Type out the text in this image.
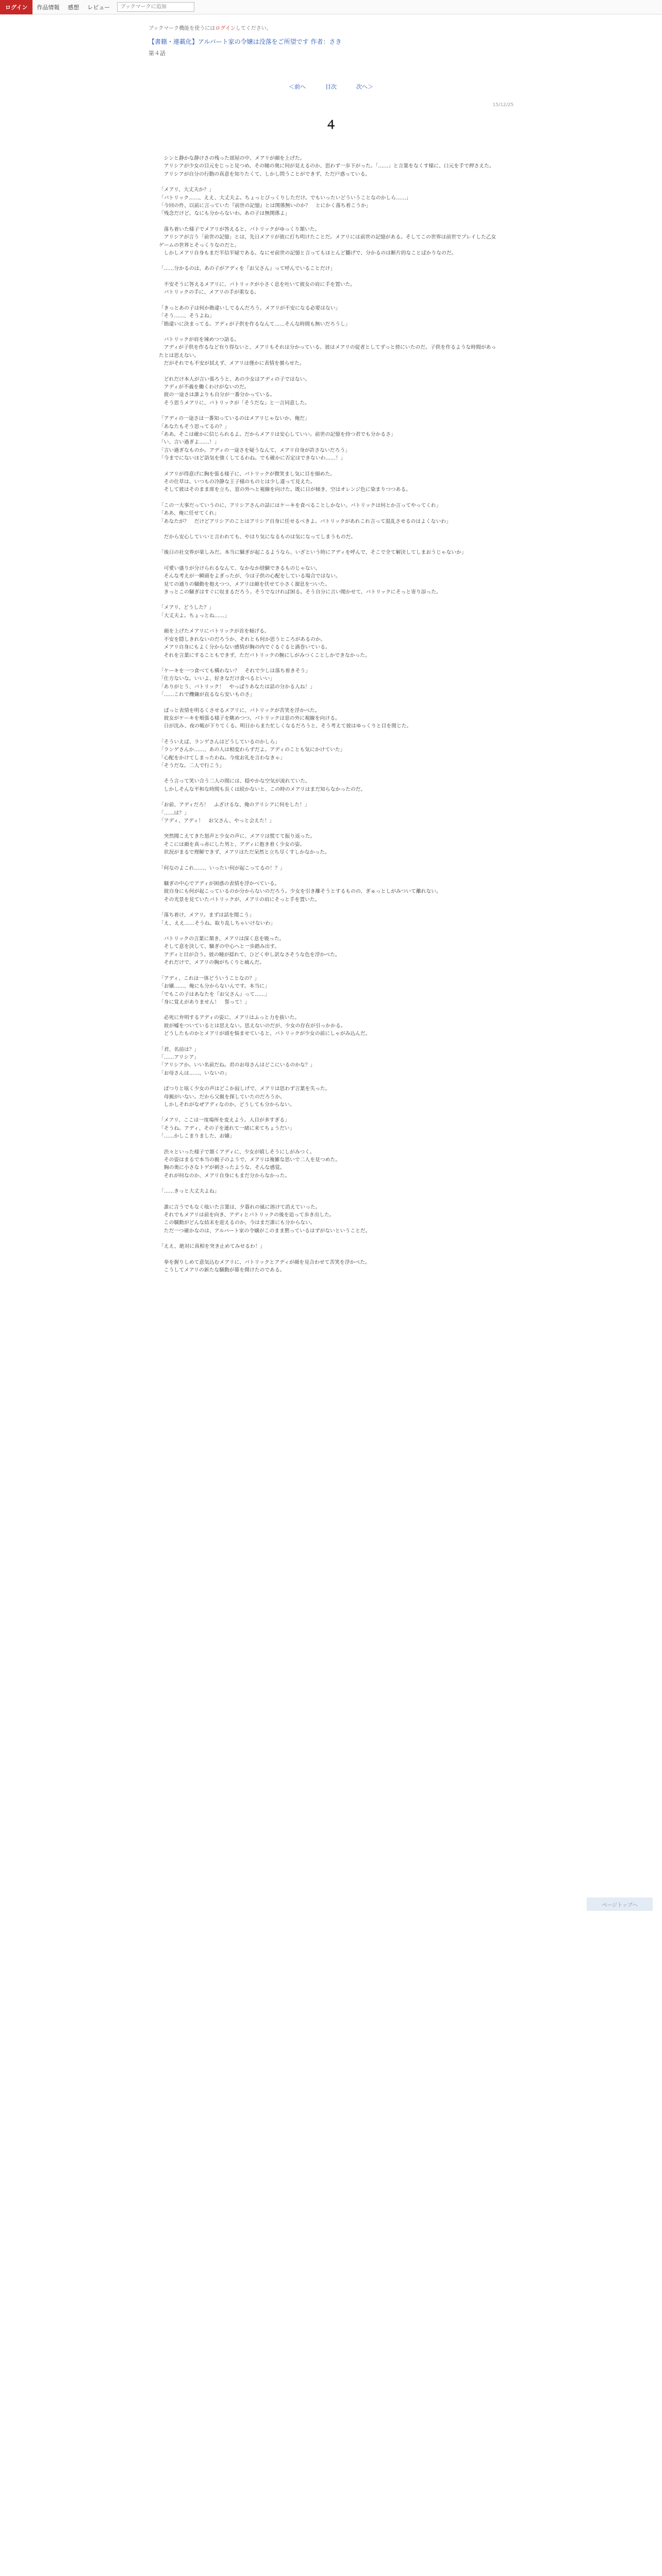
ログイン	作品情報	感想	レビュー
ブックマークに追加
ブックマーク機能を使うにはログインしてください。
【書籍・連載化】アルバート家の令嬢は没落をご所望です 作者：さき
第４話
＜前へ	目次	次へ＞
15/12/25
４

　シンと静かな静けさの残った部屋の中、メアリが顔を上げた。
　アリシアが少女の目元をじっと見つめ、その瞳の奥に何が見えるのか、思わず一歩下がった。「……」と言葉をなくす様に、口元を手で押さえた。
　アリシアが自分の行動の真意を知りたくて、しかし問うことができず、ただ戸惑っている。

「メアリ、大丈夫か？」
「パトリック……、ええ、大丈夫よ。ちょっとびっくりしただけ。でもいったいどういうことなのかしら……」
「今回の件、以前に言っていた『前世の記憶』とは関係無いのか？　とにかく落ち着こうか」
「残念だけど、なにも分からないわ。あの子は無関係よ」

　落ち着いた様子でメアリが答えると、パトリックがゆっくり頷いた。
　アリシアが言う「前世の記憶」とは、先日メアリが彼に打ち明けたことだ。メアリには前世の記憶がある。そしてこの世界は前世でプレイした乙女ゲームの世界とそっくりなのだと。
　しかしメアリ自身もまだ半信半疑である。なにせ前世の記憶と言ってもほとんど朧げで、分かるのは断片的なことばかりなのだ。

「……分かるのは、あの子がアディを『お父さん』って呼んでいることだけ」

　不安そうに答えるメアリに、パトリックが小さく息を吐いて彼女の肩に手を置いた。
　パトリックの手に、メアリの手が重なる。

「きっとあの子は何か勘違いしてるんだろう。メアリが不安になる必要はない」
「そう……、そうよね」
「勘違いに決まってる。アディが子供を作るなんて……そんな時間も無いだろうし」

　パトリックが肩を竦めつつ語る。
　アディが子供を作るなど有り得ないと、メアリもそれは分かっている。彼はメアリの従者としてずっと傍にいたのだ。子供を作るような時間があったとは思えない。
　だがそれでも不安が拭えず、メアリは僅かに表情を曇らせた。

　どれだけ本人が言い張ろうと、あの少女はアディの子ではない。
　アディが不義を働くわけがないのだ。
　彼の一途さは誰よりも自分が一番分かっている。
　そう思うメアリに、パトリックが「そうだな」と一言同意した。

「アディの一途さは一番知っているのはメアリじゃないか、俺だ」
「あなたもそう思ってるの？」
「ああ。そこは確かに信じられるよ。だからメアリは安心していい。前世の記憶を持つ君でも分かるさ」
「い、言い過ぎよ……！」
「言い過ぎなものか。アディの一途さを疑うなんて、メアリ自身が許さないだろう」
「今までにないほど語気を強くしてるわね。でも確かに否定はできないわ……！」

　メアリが得意げに胸を張る様子に、パトリックが微笑まし気に目を細めた。
　その仕草は、いつもの冷静な王子様のものとは少し違って見えた。
　そして彼はそのまま席を立ち、窓の外へと視線を向けた。既に日が傾き、空はオレンジ色に染まりつつある。

「この一大事だっていうのに、アリシアさんの話にはケーキを食べることしかない。パトリックは何とか言ってやってくれ」
「ああ、俺に任せてくれ」
「あなたが？　だけどアリシアのことはアリシア自身に任せるべきよ。パトリックがあれこれ言って混乱させるのはよくないわ」

　だから安心していいと言われても、やはり気になるものは気になってしまうものだ。

「後日の社交界が楽しみだ。本当に騒ぎが起こるようなら、いざという時にアディを呼んで、そこで全て解決してしまおうじゃないか」

　可愛い盛りが分けられるなんて、なかなか経験できるものじゃない。
　そんな考えが一瞬頭をよぎったが、今は子供の心配をしている場合ではない。
　見ての通りの騒動を抱えつつ、メアリは顔を伏せて小さく溜息をついた。
　きっとこの騒ぎはすぐに収まるだろう。そうでなければ困る。そう自分に言い聞かせて、パトリックにそっと寄り添った。

「メアリ、どうした？」
「大丈夫よ。ちょっとね……」

　顔を上げたメアリにパトリックが首を傾げる。
　不安を隠しきれないのだろうか、それとも何か思うところがあるのか。
　メアリ自身にもよく分からない感情が胸の内でぐるぐると渦巻いている。
　それを言葉にすることもできず、ただパトリックの腕にしがみつくことしかできなかった。

「ケーキを一つ食べても構わない？　それで少しは落ち着きそう」
「仕方ないな。いいよ、好きなだけ食べるといい」
「ありがとう、パトリック！　やっぱりあなたは話の分かる人ね！」
「……これで機嫌が直るなら安いものさ」

　ぱっと表情を明るくさせるメアリに、パトリックが苦笑を浮かべた。
　彼女がケーキを頬張る様子を眺めつつ、パトリックは窓の外に視線を向ける。
　日が沈み、夜の帳が下りてくる。明日からまた忙しくなるだろうと、そう考えて彼はゆっくりと目を閉じた。

「そういえば、ランゲさんはどうしているのかしら」
「ランゲさんか……、あの人は相変わらずだよ。アディのことも気にかけていた」
「心配をかけてしまったわね。今度お礼を言わなきゃ」
「そうだな。二人で行こう」

　そう言って笑い合う二人の間には、穏やかな空気が流れていた。
　しかしそんな平和な時間も長くは続かないと、この時のメアリはまだ知らなかったのだ。

「お前、アディだろ！　ふざけるな、俺のアリシアに何をした！」
「……は？」
「アディ、アディ！　お父さん、やっと会えた！」

　突然聞こえてきた怒声と少女の声に、メアリは慌てて振り返った。
　そこには顔を真っ赤にした男と、アディに抱き着く少女の姿。
　状況がまるで理解できず、メアリはただ呆然と立ち尽くすしかなかった。

「何なのよこれ……、いったい何が起こってるの！？」

　騒ぎの中心でアディが困惑の表情を浮かべている。
　彼自身にも何が起こっているのか分からないのだろう。少女を引き離そうとするものの、ぎゅっとしがみついて離れない。
　その光景を見ていたパトリックが、メアリの肩にそっと手を置いた。

「落ち着け、メアリ。まずは話を聞こう」
「え、ええ……そうね。取り乱しちゃいけないわ」

　パトリックの言葉に頷き、メアリは深く息を吸った。
　そして意を決して、騒ぎの中心へと一歩踏み出す。
　アディと目が合う。彼の瞳が揺れて、ひどく申し訳なさそうな色を浮かべた。
　それだけで、メアリの胸がちくりと痛んだ。

「アディ、これは一体どういうことなの？」
「お嬢……、俺にも分からないんです。本当に」
「でもこの子はあなたを『お父さん』って……」
「身に覚えがありません！　誓って！」

　必死に弁明するアディの姿に、メアリはふっと力を抜いた。
　彼が嘘をついているとは思えない。思えないのだが、少女の存在が引っかかる。
　どうしたものかとメアリが頭を悩ませていると、パトリックが少女の前にしゃがみ込んだ。

「君、名前は？」
「……アリシア」
「アリシアか。いい名前だね。君のお母さんはどこにいるのかな？」
「お母さんは……、いないの」

　ぽつりと呟く少女の声はどこか寂しげで、メアリは思わず言葉を失った。
　母親がいない。だから父親を探していたのだろうか。
　しかしそれがなぜアディなのか、どうしても分からない。

「メアリ、ここは一度場所を変えよう。人目が多すぎる」
「そうね。アディ、その子を連れて一緒に来てちょうだい」
「……かしこまりました、お嬢」

　渋々といった様子で頷くアディに、少女が嬉しそうにしがみつく。
　その姿はまるで本当の親子のようで、メアリは複雑な思いで二人を見つめた。
　胸の奥に小さなトゲが刺さったような、そんな感覚。
　それが何なのか、メアリ自身にもまだ分からなかった。

「……きっと大丈夫よね」

　誰に言うでもなく呟いた言葉は、夕暮れの風に溶けて消えていった。
　それでもメアリは前を向き、アディとパトリックの後を追って歩き出した。
　この騒動がどんな結末を迎えるのか、今はまだ誰にも分からない。
　ただ一つ確かなのは、アルバート家の令嬢がこのまま黙っているはずがないということだ。

「ええ、絶対に真相を突き止めてみせるわ！」

　拳を握りしめて意気込むメアリに、パトリックとアディが顔を見合わせて苦笑を浮かべた。
　こうしてメアリの新たな騒動が幕を開けたのである。

ページトップへ
